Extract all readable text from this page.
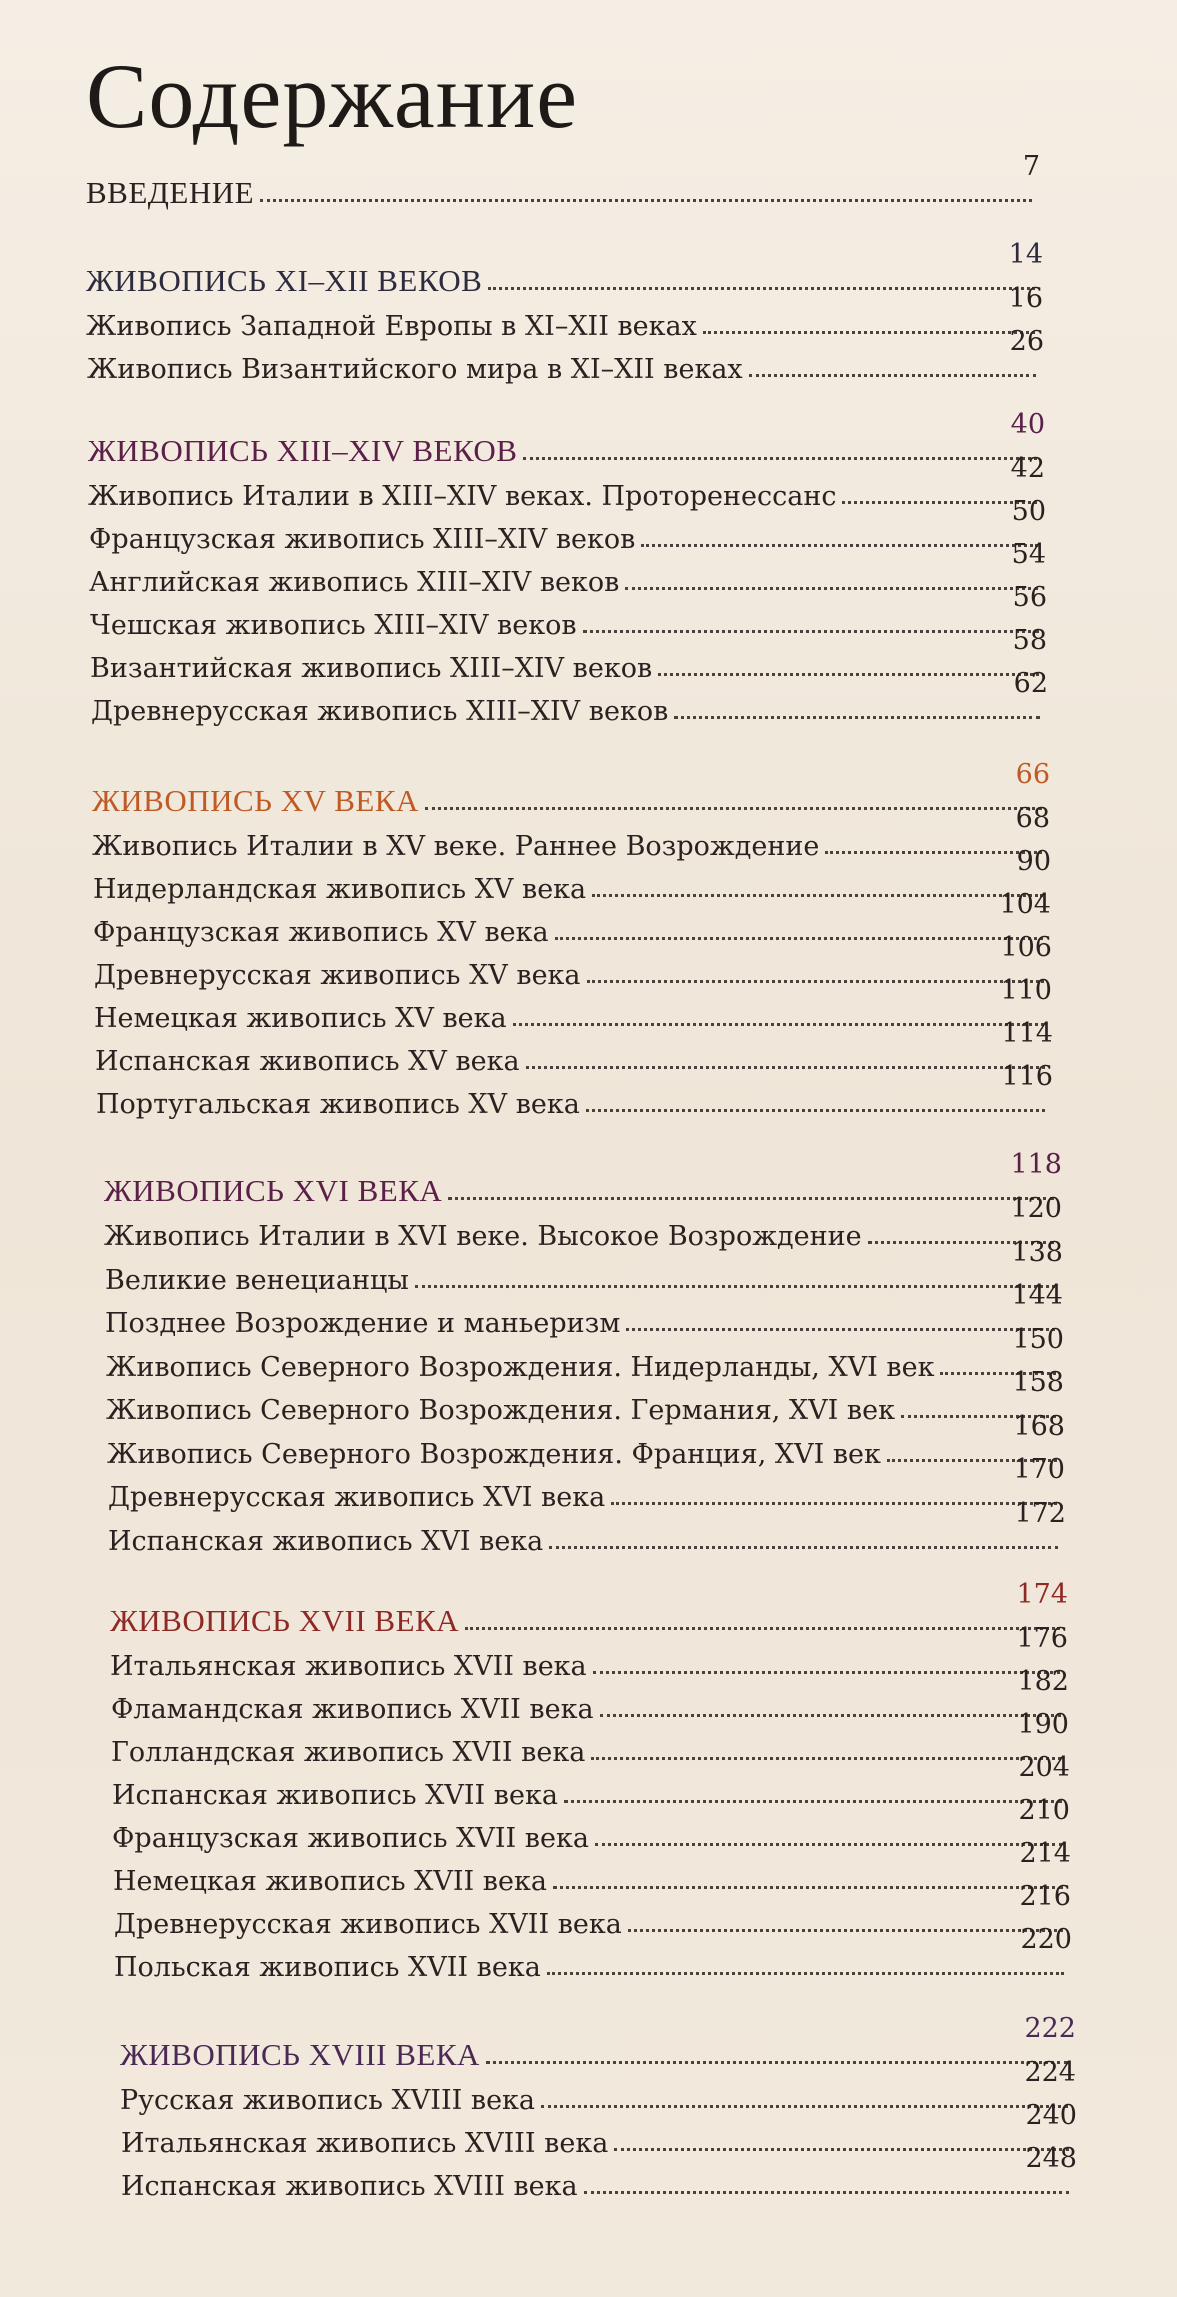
Содержание
ВВЕДЕНИЕ
7
ЖИВОПИСЬ XI–XII ВЕКОВ
14
Живопись Западной Европы в XI–XII веках
16
Живопись Византийского мира в XI–XII веках
26
ЖИВОПИСЬ XIII–XIV ВЕКОВ
40
Живопись Италии в XIII–XIV веках. Проторенессанс
42
Французская живопись XIII–XIV веков
50
Английская живопись XIII–XIV веков
54
Чешская живопись XIII–XIV веков
56
Византийская живопись XIII–XIV веков
58
Древнерусская живопись XIII–XIV веков
62
ЖИВОПИСЬ XV ВЕКА
66
Живопись Италии в XV веке. Раннее Возрождение
68
Нидерландская живопись XV века
90
Французская живопись XV века
104
Древнерусская живопись XV века
106
Немецкая живопись XV века
110
Испанская живопись XV века
114
Португальская живопись XV века
116
ЖИВОПИСЬ XVI ВЕКА
118
Живопись Италии в XVI веке. Высокое Возрождение
120
Великие венецианцы
138
Позднее Возрождение и маньеризм
144
Живопись Северного Возрождения. Нидерланды, XVI век
150
Живопись Северного Возрождения. Германия, XVI век
158
Живопись Северного Возрождения. Франция, XVI век
168
Древнерусская живопись XVI века
170
Испанская живопись XVI века
172
ЖИВОПИСЬ XVII ВЕКА
174
Итальянская живопись XVII века
176
Фламандская живопись XVII века
182
Голландская живопись XVII века
190
Испанская живопись XVII века
204
Французская живопись XVII века
210
Немецкая живопись XVII века
214
Древнерусская живопись XVII века
216
Польская живопись XVII века
220
ЖИВОПИСЬ XVIII ВЕКА
222
Русская живопись XVIII века
224
Итальянская живопись XVIII века
240
Испанская живопись XVIII века
248
